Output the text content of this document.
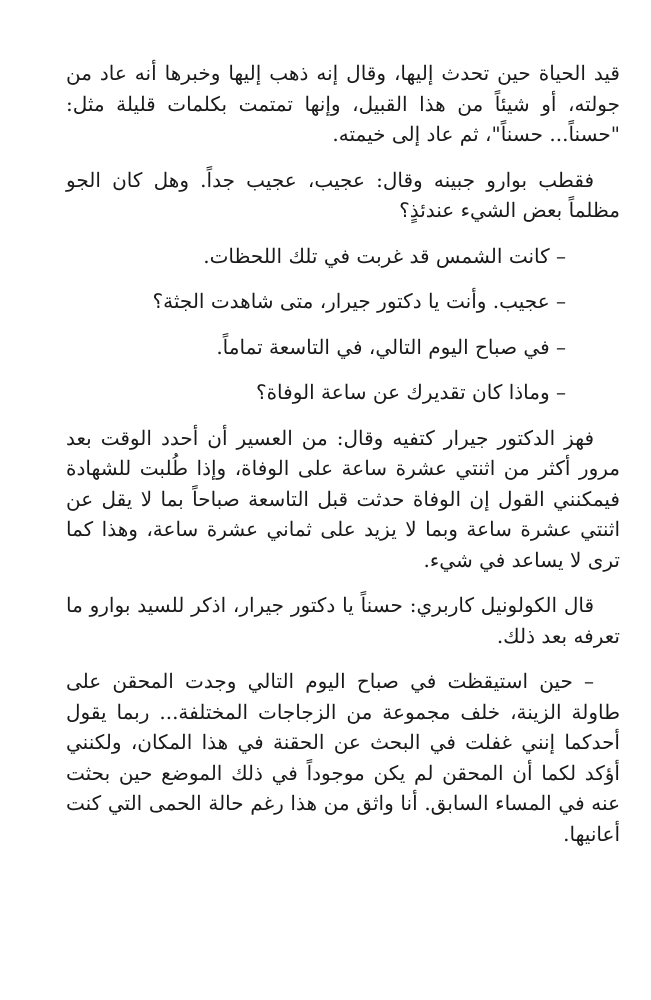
قيد الحياة حين تحدث إليها، وقال إنه ذهب إليها وخبرها أنه عاد من جولته، أو شيئاً من هذا القبيل، وإنها تمتمت بكلمات قليلة مثل: "حسناً... حسناً"، ثم عاد إلى خيمته.

فقطب بوارو جبينه وقال: عجيب، عجيب جداً. وهل كان الجو مظلماً بعض الشيء عندئذٍ؟

– كانت الشمس قد غربت في تلك اللحظات.

– عجيب. وأنت يا دكتور جيرار، متى شاهدت الجثة؟

– في صباح اليوم التالي، في التاسعة تماماً.

– وماذا كان تقديرك عن ساعة الوفاة؟

فهز الدكتور جيرار كتفيه وقال: من العسير أن أحدد الوقت بعد مرور أكثر من اثنتي عشرة ساعة على الوفاة، وإذا طُلبت للشهادة فيمكنني القول إن الوفاة حدثت قبل التاسعة صباحاً بما لا يقل عن اثنتي عشرة ساعة وبما لا يزيد على ثماني عشرة ساعة، وهذا كما ترى لا يساعد في شيء.

قال الكولونيل كاربري: حسناً يا دكتور جيرار، اذكر للسيد بوارو ما تعرفه بعد ذلك.

– حين استيقظت في صباح اليوم التالي وجدت المحقن على طاولة الزينة، خلف مجموعة من الزجاجات المختلفة... ربما يقول أحدكما إنني غفلت في البحث عن الحقنة في هذا المكان، ولكنني أؤكد لكما أن المحقن لم يكن موجوداً في ذلك الموضع حين بحثت عنه في المساء السابق. أنا واثق من هذا رغم حالة الحمى التي كنت أعانيها.
